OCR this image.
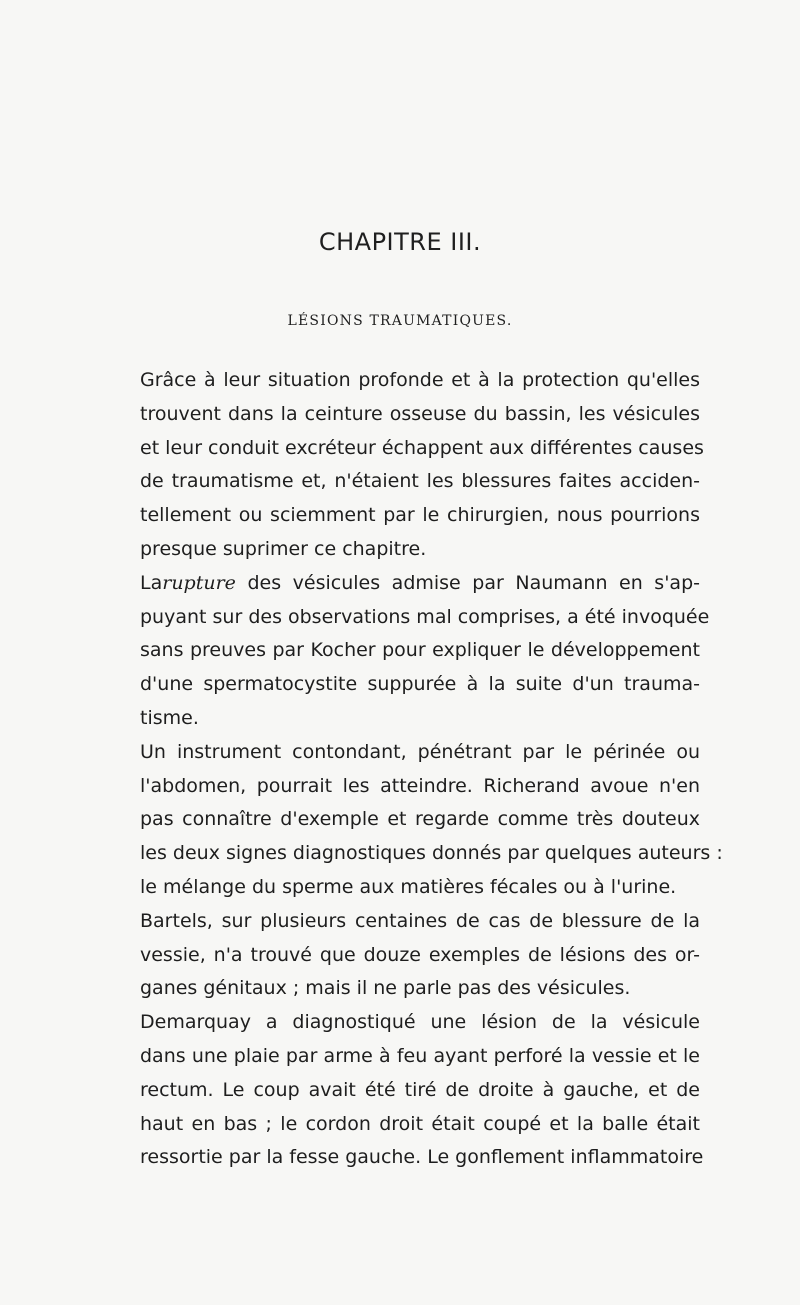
CHAPITRE III.
LÉSIONS TRAUMATIQUES.
Grâce à leur situation profonde et à la protection qu'elles
trouvent dans la ceinture osseuse du bassin, les vésicules
et leur conduit excréteur échappent aux différentes causes
de traumatisme et, n'étaient les blessures faites acciden-
tellement ou sciemment par le chirurgien, nous pourrions
presque suprimer ce chapitre.
Larupture des vésicules admise par Naumann en s'ap-
puyant sur des observations mal comprises, a été invoquée
sans preuves par Kocher pour expliquer le développement
d'une spermatocystite suppurée à la suite d'un trauma-
tisme.
Un instrument contondant, pénétrant par le périnée ou
l'abdomen, pourrait les atteindre. Richerand avoue n'en
pas connaître d'exemple et regarde comme très douteux
les deux signes diagnostiques donnés par quelques auteurs :
le mélange du sperme aux matières fécales ou à l'urine.
Bartels, sur plusieurs centaines de cas de blessure de la
vessie, n'a trouvé que douze exemples de lésions des or-
ganes génitaux ; mais il ne parle pas des vésicules.
Demarquay a diagnostiqué une lésion de la vésicule
dans une plaie par arme à feu ayant perforé la vessie et le
rectum. Le coup avait été tiré de droite à gauche, et de
haut en bas ; le cordon droit était coupé et la balle était
ressortie par la fesse gauche. Le gonflement inflammatoire
